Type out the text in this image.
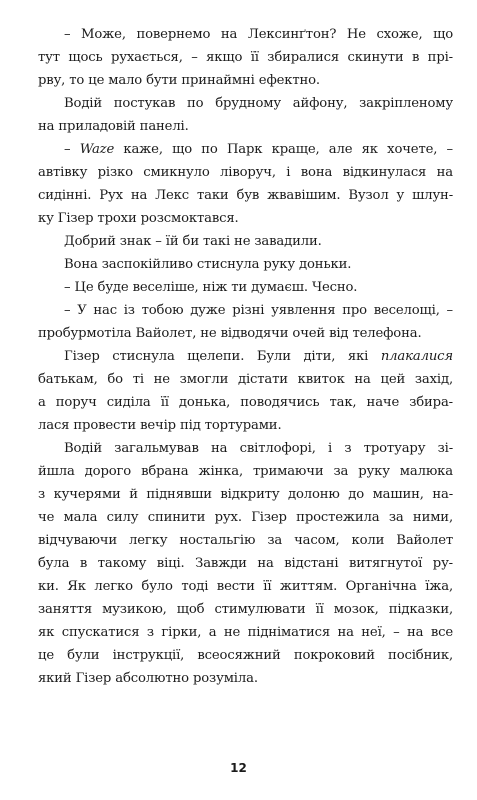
– Може, повернемо на Лексинґтон? Не схоже, що
тут щось рухається, – якщо її збиралися скинути в прі-
рву, то це мало бути принаймні ефектно.
Водій постукав по брудному айфону, закріпленому
на приладовій панелі.
– Waze каже, що по Парк краще, але як хочете, –
автівку різко смикнуло ліворуч, і вона відкинулася на
сидінні. Рух на Лекс таки був жвавішим. Вузол у шлун-
ку Гізер трохи розсмоктався.
Добрий знак – їй би такі не завадили.
Вона заспокійливо стиснула руку доньки.
– Це буде веселіше, ніж ти думаєш. Чесно.
– У нас із тобою дуже різні уявлення про веселощі, –
пробурмотіла Вайолет, не відводячи очей від телефона.
Гізер стиснула щелепи. Були діти, які плакалися
батькам, бо ті не змогли дістати квиток на цей захід,
а поруч сиділа її донька, поводячись так, наче збира-
лася провести вечір під тортурами.
Водій загальмував на світлофорі, і з тротуару зі-
йшла дорого вбрана жінка, тримаючи за руку малюка
з кучерями й піднявши відкриту долоню до машин, на-
че мала силу спинити рух. Гізер простежила за ними,
відчуваючи легку ностальгію за часом, коли Вайолет
була в такому віці. Завжди на відстані витягнутої ру-
ки. Як легко було тоді вести її життям. Органічна їжа,
заняття музикою, щоб стимулювати її мозок, підказки,
як спускатися з гірки, а не підніматися на неї, – на все
це були інструкції, всеосяжний покроковий посібник,
який Гізер абсолютно розуміла.
12
